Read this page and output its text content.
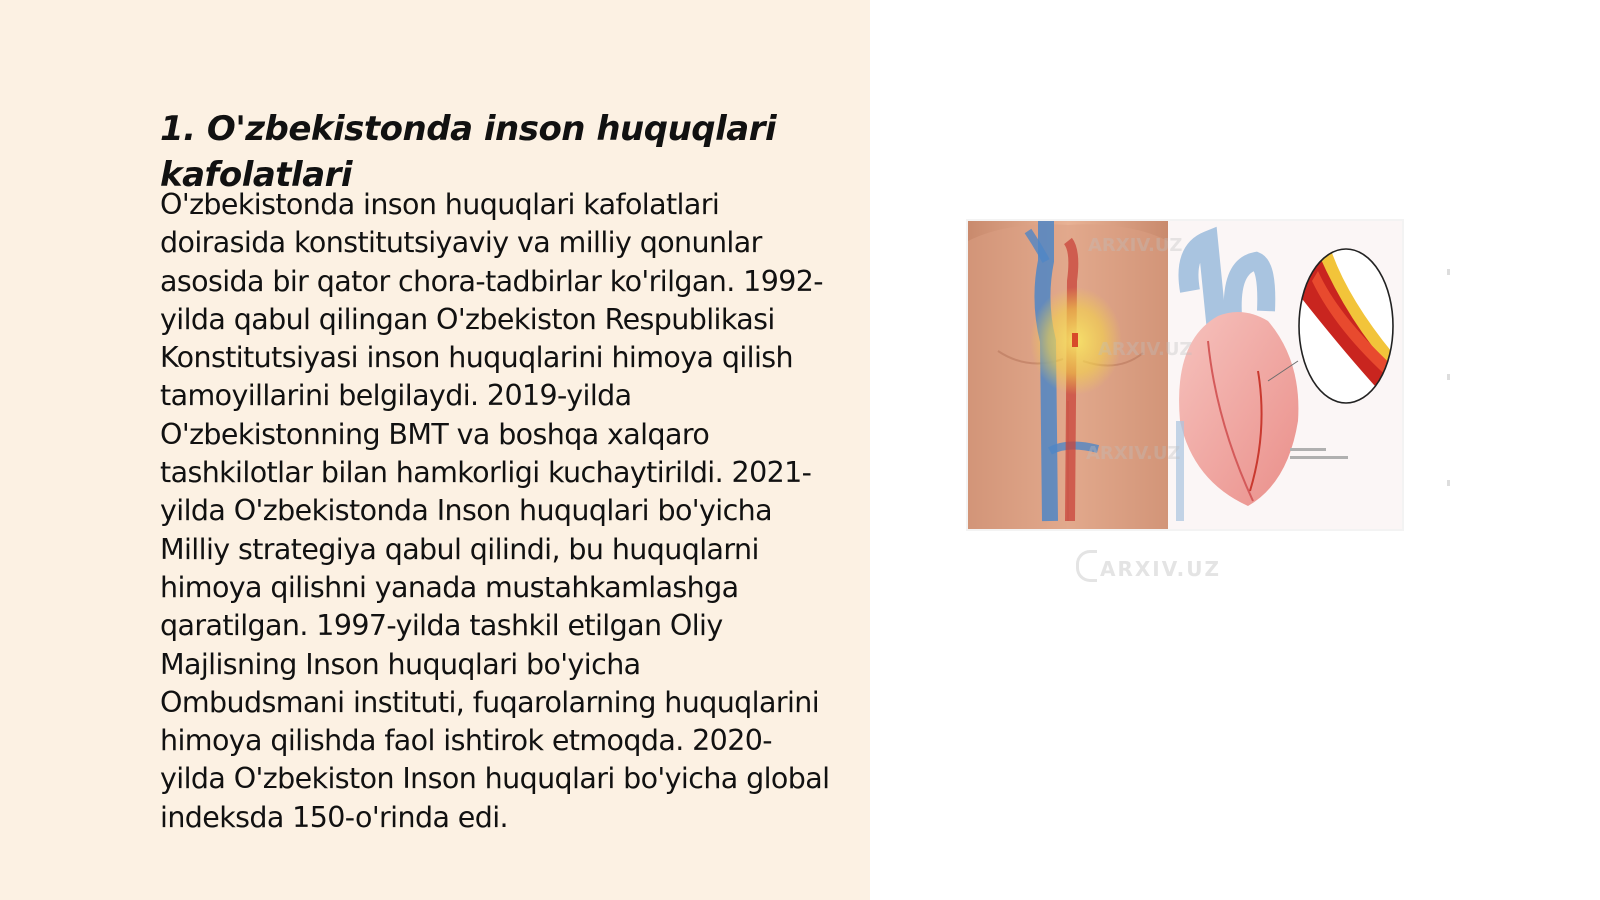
1. O'zbekistonda inson huquqlari kafolatlari

O'zbekistonda inson huquqlari kafolatlari doirasida konstitutsiyaviy va milliy qonunlar asosida bir qator chora-tadbirlar ko'rilgan. 1992-yilda qabul qilingan O'zbekiston Respublikasi Konstitutsiyasi inson huquqlarini himoya qilish tamoyillarini belgilaydi. 2019-yilda O'zbekistonning BMT va boshqa xalqaro tashkilotlar bilan hamkorligi kuchaytirildi. 2021-yilda O'zbekistonda Inson huquqlari bo'yicha Milliy strategiya qabul qilindi, bu huquqlarni himoya qilishni yanada mustahkamlashga qaratilgan. 1997-yilda tashkil etilgan Oliy Majlisning Inson huquqlari bo'yicha Ombudsmani instituti, fuqarolarning huquqlarini himoya qilishda faol ishtirok etmoqda. 2020-yilda O'zbekiston Inson huquqlari bo'yicha global indeksda 150-o'rinda edi.

ARXIV.UZ
ARXIV.UZ
ARXIV.UZ
ARXIV.UZ
